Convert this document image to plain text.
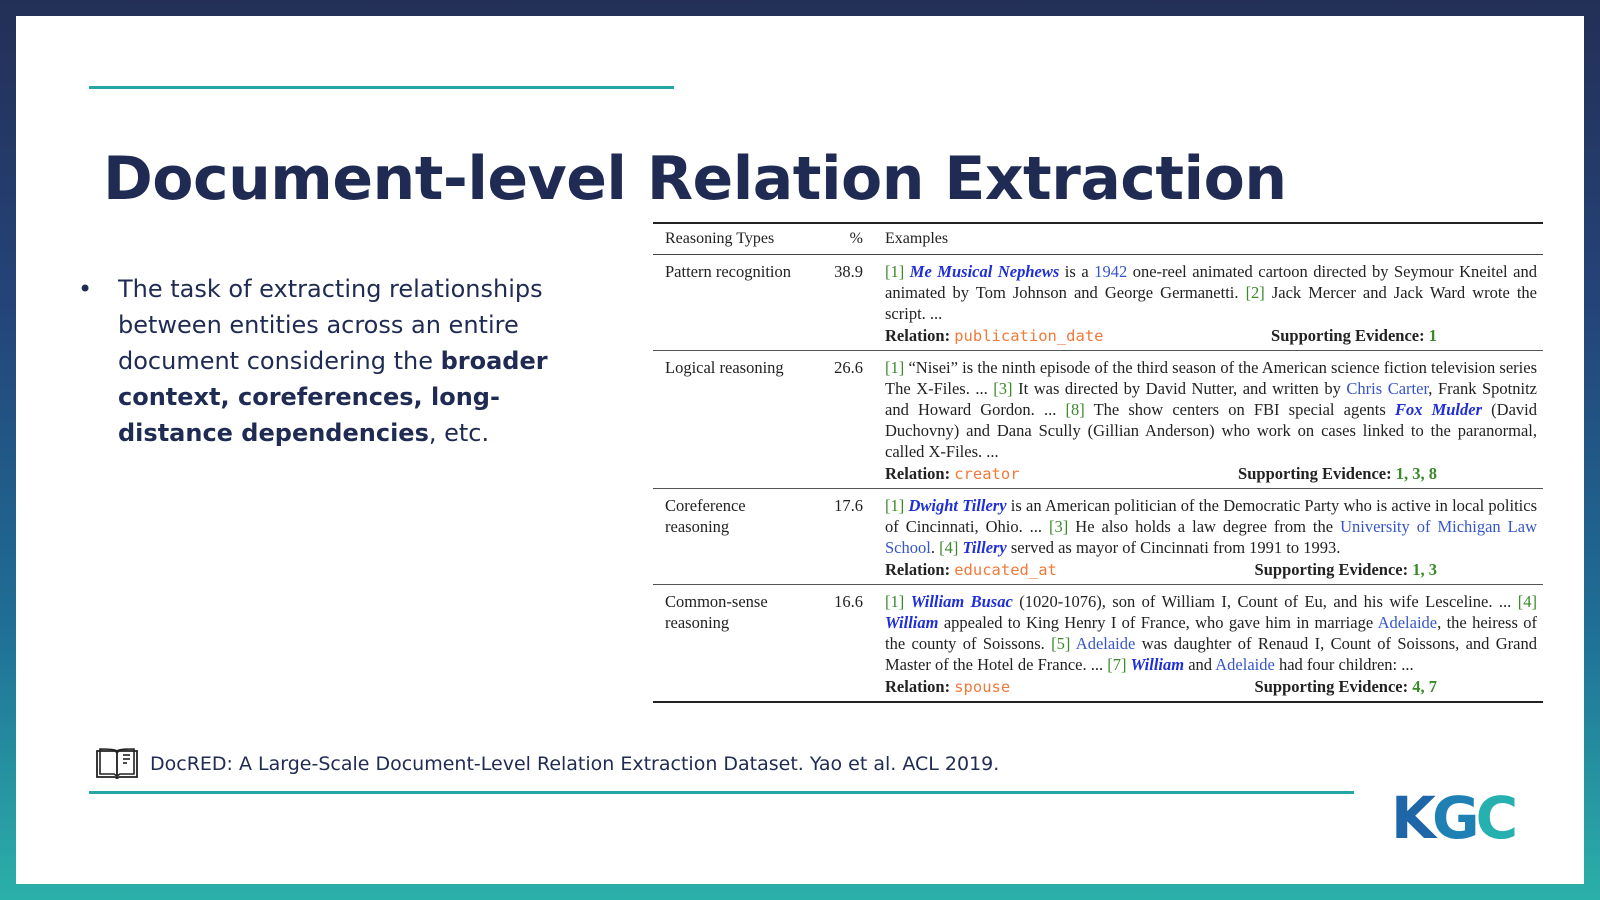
Document-level Relation Extraction
• The task of extracting relationships between entities across an entire document considering the broader context, coreferences, long-distance dependencies, etc.
Reasoning Types	%	Examples
Pattern recognition	38.9	[1] Me Musical Nephews is a 1942 one-reel animated cartoon directed by Seymour Kneitel and animated by Tom Johnson and George Germanetti. [2] Jack Mercer and Jack Ward wrote the script. ...
Relation: publication_date Supporting Evidence: 1

Logical reasoning	26.6	[1] “Nisei” is the ninth episode of the third season of the American science fiction television series The X-Files. ... [3] It was directed by David Nutter, and written by Chris Carter, Frank Spotnitz and Howard Gordon. ... [8] The show centers on FBI special agents Fox Mulder (David Duchovny) and Dana Scully (Gillian Anderson) who work on cases linked to the paranormal, called X-Files. ...
Relation: creator Supporting Evidence: 1, 3, 8

Coreference reasoning	17.6	[1] Dwight Tillery is an American politician of the Democratic Party who is active in local politics of Cincinnati, Ohio. ... [3] He also holds a law degree from the University of Michigan Law School. [4] Tillery served as mayor of Cincinnati from 1991 to 1993.
Relation: educated_at Supporting Evidence: 1, 3

Common-sense reasoning	16.6	[1] William Busac (1020-1076), son of William I, Count of Eu, and his wife Lesceline. ... [4] William appealed to King Henry I of France, who gave him in marriage Adelaide, the heiress of the county of Soissons. [5] Adelaide was daughter of Renaud I, Count of Soissons, and Grand Master of the Hotel de France. ... [7] William and Adelaide had four children: ...
Relation: spouse Supporting Evidence: 4, 7
DocRED: A Large-Scale Document-Level Relation Extraction Dataset. Yao et al. ACL 2019.
KGC
